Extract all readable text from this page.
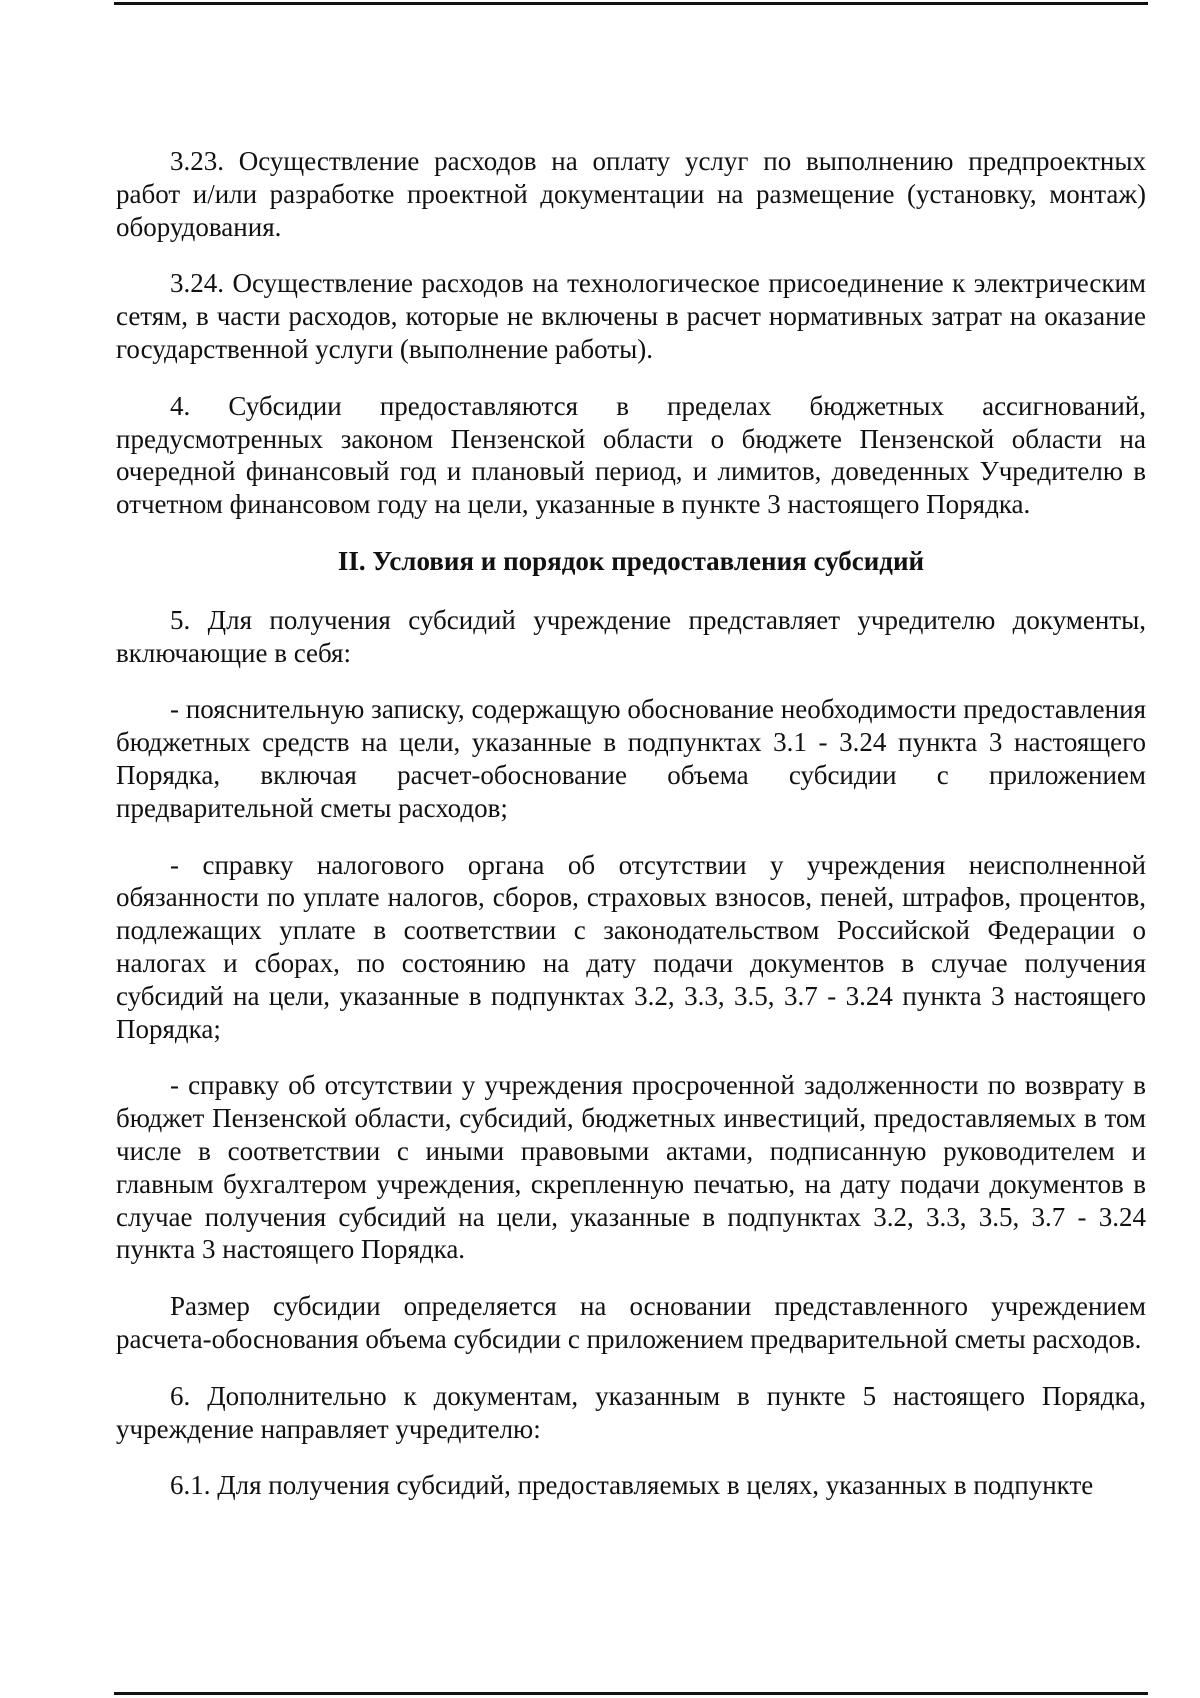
3.23. Осуществление расходов на оплату услуг по выполнению предпроектных работ и/или разработке проектной документации на размещение (установку, монтаж) оборудования.

3.24. Осуществление расходов на технологическое присоединение к электрическим сетям, в части расходов, которые не включены в расчет нормативных затрат на оказание государственной услуги (выполнение работы).

4. Субсидии предоставляются в пределах бюджетных ассигнований, предусмотренных законом Пензенской области о бюджете Пензенской области на очередной финансовый год и плановый период, и лимитов, доведенных Учредителю в отчетном финансовом году на цели, указанные в пункте 3 настоящего Порядка.

II. Условия и порядок предоставления субсидий

5. Для получения субсидий учреждение представляет учредителю документы, включающие в себя:

- пояснительную записку, содержащую обоснование необходимости предоставления бюджетных средств на цели, указанные в подпунктах 3.1 - 3.24 пункта 3 настоящего Порядка, включая расчет-обоснование объема субсидии с приложением предварительной сметы расходов;

- справку налогового органа об отсутствии у учреждения неисполненной обязанности по уплате налогов, сборов, страховых взносов, пеней, штрафов, процентов, подлежащих уплате в соответствии с законодательством Российской Федерации о налогах и сборах, по состоянию на дату подачи документов в случае получения субсидий на цели, указанные в подпунктах 3.2, 3.3, 3.5, 3.7 - 3.24 пункта 3 настоящего Порядка;

- справку об отсутствии у учреждения просроченной задолженности по возврату в бюджет Пензенской области, субсидий, бюджетных инвестиций, предоставляемых в том числе в соответствии с иными правовыми актами, подписанную руководителем и главным бухгалтером учреждения, скрепленную печатью, на дату подачи документов в случае получения субсидий на цели, указанные в подпунктах 3.2, 3.3, 3.5, 3.7 - 3.24 пункта 3 настоящего Порядка.

Размер субсидии определяется на основании представленного учреждением расчета-обоснования объема субсидии с приложением предварительной сметы расходов.

6. Дополнительно к документам, указанным в пункте 5 настоящего Порядка, учреждение направляет учредителю:

6.1. Для получения субсидий, предоставляемых в целях, указанных в подпункте
